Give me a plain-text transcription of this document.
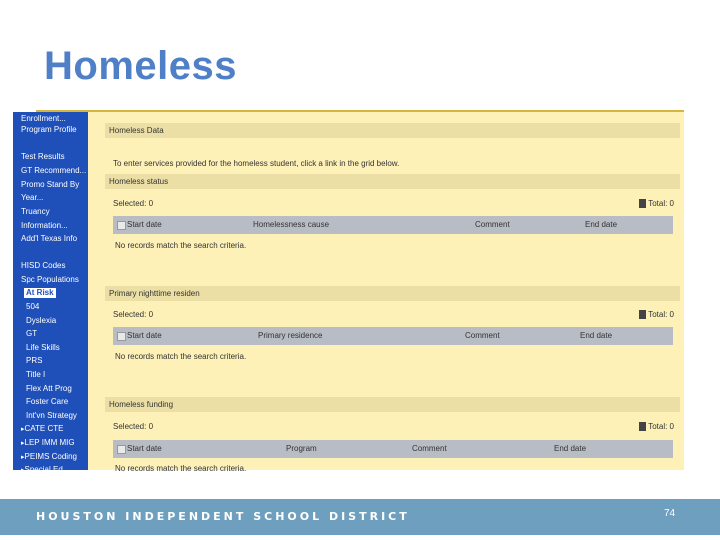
Homeless
Enrollment...
Program Profile
Test Results
GT Recommend...
Promo Stand By
Year...
Truancy
Information...
Add'l Texas Info
HISD Codes
Spc Populations
At Risk
504
Dyslexia
GT
Life Skills
PRS
Title I
Flex Att Prog
Foster Care
Int'vn Strategy
▸CATE CTE
▸LEP IMM MIG
▸PEIMS Coding
▸Special Ed
Homeless Data
To enter services provided for the homeless student, click a link in the grid below.
Homeless status
Selected: 0	Total: 0
Start date	Homelessness cause	Comment	End date
No records match the search criteria.
Primary nighttime residen
Selected: 0	Total: 0
Start date	Primary residence	Comment	End date
No records match the search criteria.
Homeless funding
Selected: 0	Total: 0
Start date	Program	Comment	End date
No records match the search criteria.
HOUSTON INDEPENDENT SCHOOL DISTRICT	74
